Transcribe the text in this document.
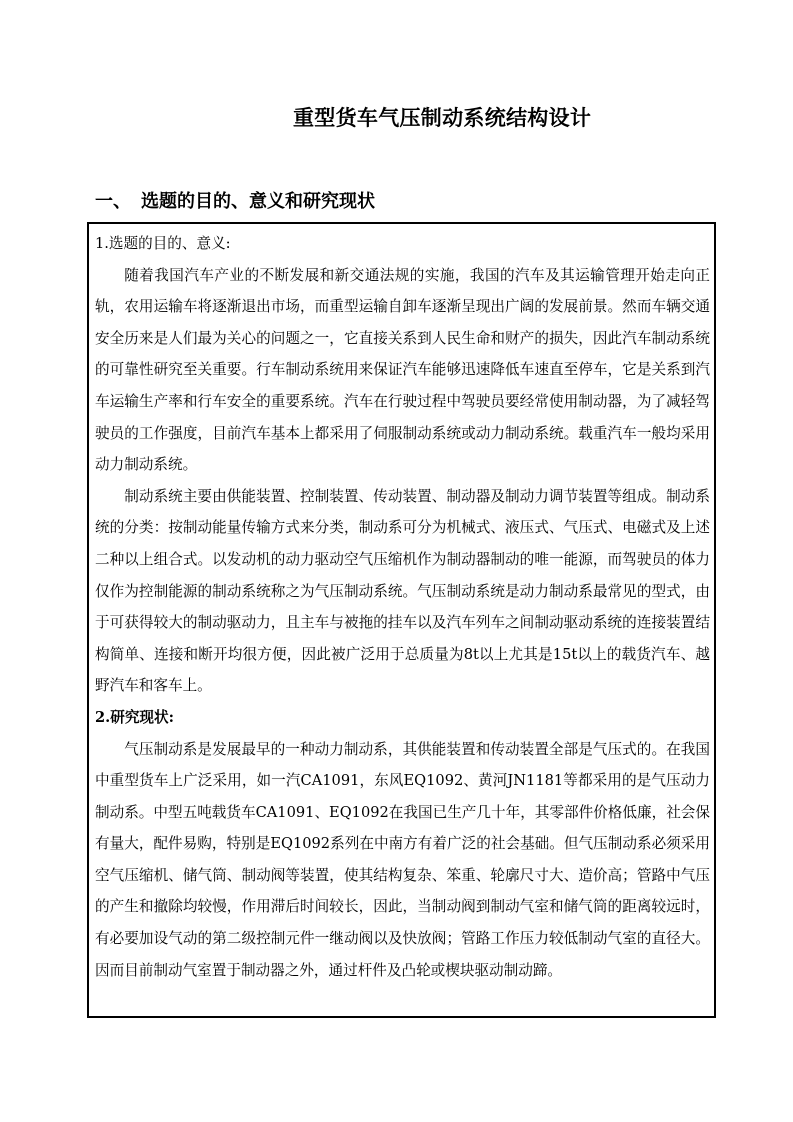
重型货车气压制动系统结构设计
一、 选题的目的、意义和研究现状
1.选题的目的、意义:

随着我国汽车产业的不断发展和新交通法规的实施，我国的汽车及其运输管理开始走向正轨，农用运输车将逐渐退出市场，而重型运输自卸车逐渐呈现出广阔的发展前景。然而车辆交通安全历来是人们最为关心的问题之一，它直接关系到人民生命和财产的损失，因此汽车制动系统的可靠性研究至关重要。行车制动系统用来保证汽车能够迅速降低车速直至停车，它是关系到汽车运输生产率和行车安全的重要系统。汽车在行驶过程中驾驶员要经常使用制动器，为了减轻驾驶员的工作强度，目前汽车基本上都采用了伺服制动系统或动力制动系统。载重汽车一般均采用动力制动系统。

制动系统主要由供能装置、控制装置、传动装置、制动器及制动力调节装置等组成。制动系统的分类：按制动能量传输方式来分类，制动系可分为机械式、液压式、气压式、电磁式及上述二种以上组合式。以发动机的动力驱动空气压缩机作为制动器制动的唯一能源，而驾驶员的体力仅作为控制能源的制动系统称之为气压制动系统。气压制动系统是动力制动系最常见的型式，由于可获得较大的制动驱动力，且主车与被拖的挂车以及汽车列车之间制动驱动系统的连接装置结构简单、连接和断开均很方便，因此被广泛用于总质量为8t以上尤其是15t以上的载货汽车、越野汽车和客车上。

2.研究现状:

气压制动系是发展最早的一种动力制动系，其供能装置和传动装置全部是气压式的。在我国中重型货车上广泛采用，如一汽CA1091，东风EQ1092、黄河JN1181等都采用的是气压动力制动系。中型五吨载货车CA1091、EQ1092在我国已生产几十年，其零部件价格低廉，社会保有量大，配件易购，特别是EQ1092系列在中南方有着广泛的社会基础。但气压制动系必须采用空气压缩机、储气筒、制动阀等装置，使其结构复杂、笨重、轮廓尺寸大、造价高；管路中气压的产生和撤除均较慢，作用滞后时间较长，因此，当制动阀到制动气室和储气筒的距离较远时，有必要加设气动的第二级控制元件一继动阀以及快放阀；管路工作压力较低制动气室的直径大。因而目前制动气室置于制动器之外，通过杆件及凸轮或楔块驱动制动蹄。
